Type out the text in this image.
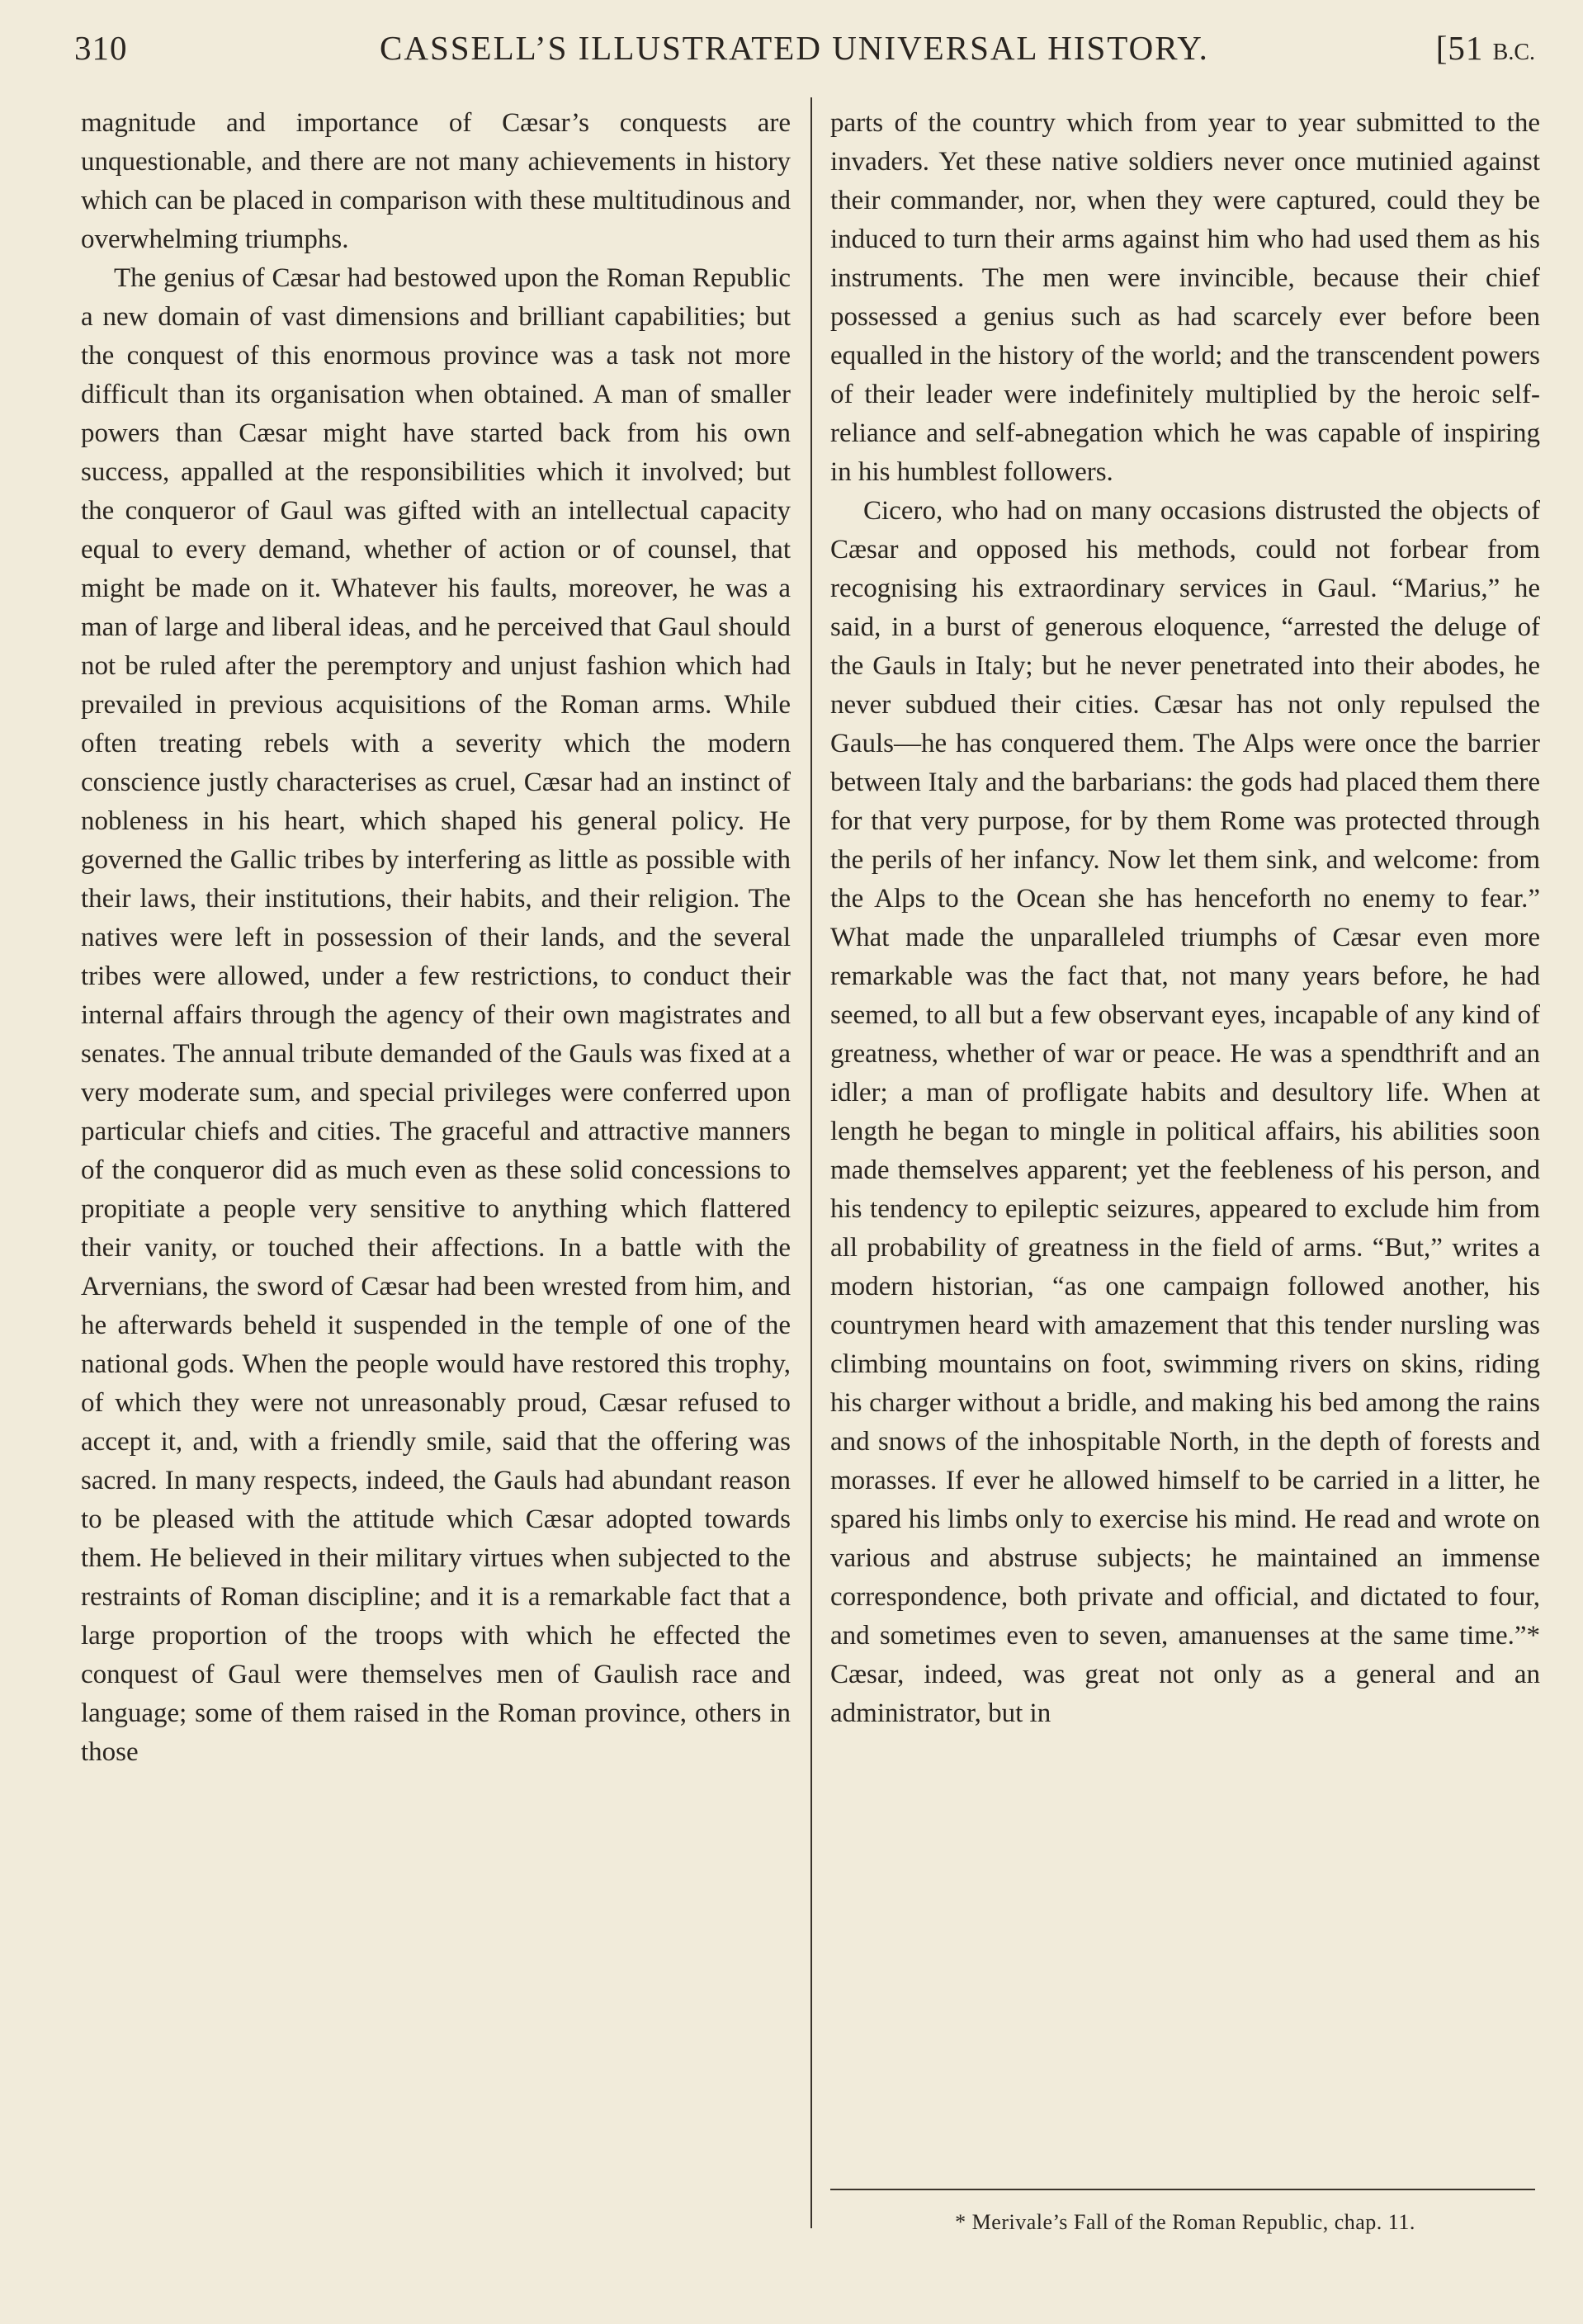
310	CASSELL’S ILLUSTRATED UNIVERSAL HISTORY.	[51 B.C.

magnitude and importance of Cæsar’s conquests are unquestionable, and there are not many achievements in history which can be placed in comparison with these multitudinous and overwhelming triumphs.

The genius of Cæsar had bestowed upon the Roman Republic a new domain of vast dimensions and brilliant capabilities; but the conquest of this enormous province was a task not more difficult than its organisation when obtained. A man of smaller powers than Cæsar might have started back from his own success, appalled at the responsibilities which it involved; but the conqueror of Gaul was gifted with an intellectual capacity equal to every demand, whether of action or of counsel, that might be made on it. Whatever his faults, moreover, he was a man of large and liberal ideas, and he perceived that Gaul should not be ruled after the peremptory and unjust fashion which had prevailed in previous acquisitions of the Roman arms. While often treating rebels with a severity which the modern conscience justly characterises as cruel, Cæsar had an instinct of nobleness in his heart, which shaped his general policy. He governed the Gallic tribes by interfering as little as possible with their laws, their institutions, their habits, and their religion. The natives were left in possession of their lands, and the several tribes were allowed, under a few restrictions, to conduct their internal affairs through the agency of their own magistrates and senates. The annual tribute demanded of the Gauls was fixed at a very moderate sum, and special privileges were conferred upon particular chiefs and cities. The graceful and attractive manners of the conqueror did as much even as these solid concessions to propitiate a people very sensitive to anything which flattered their vanity, or touched their affections. In a battle with the Arvernians, the sword of Cæsar had been wrested from him, and he afterwards beheld it suspended in the temple of one of the national gods. When the people would have restored this trophy, of which they were not unreasonably proud, Cæsar refused to accept it, and, with a friendly smile, said that the offering was sacred. In many respects, indeed, the Gauls had abundant reason to be pleased with the attitude which Cæsar adopted towards them. He believed in their military virtues when subjected to the restraints of Roman discipline; and it is a remarkable fact that a large proportion of the troops with which he effected the conquest of Gaul were themselves men of Gaulish race and language; some of them raised in the Roman province, others in those

parts of the country which from year to year submitted to the invaders. Yet these native soldiers never once mutinied against their commander, nor, when they were captured, could they be induced to turn their arms against him who had used them as his instruments. The men were invincible, because their chief possessed a genius such as had scarcely ever before been equalled in the history of the world; and the transcendent powers of their leader were indefinitely multiplied by the heroic self-reliance and self-abnegation which he was capable of inspiring in his humblest followers.

Cicero, who had on many occasions distrusted the objects of Cæsar and opposed his methods, could not forbear from recognising his extraordinary services in Gaul. “Marius,” he said, in a burst of generous eloquence, “arrested the deluge of the Gauls in Italy; but he never penetrated into their abodes, he never subdued their cities. Cæsar has not only repulsed the Gauls—he has conquered them. The Alps were once the barrier between Italy and the barbarians: the gods had placed them there for that very purpose, for by them Rome was protected through the perils of her infancy. Now let them sink, and welcome: from the Alps to the Ocean she has henceforth no enemy to fear.” What made the unparalleled triumphs of Cæsar even more remarkable was the fact that, not many years before, he had seemed, to all but a few observant eyes, incapable of any kind of greatness, whether of war or peace. He was a spendthrift and an idler; a man of profligate habits and desultory life. When at length he began to mingle in political affairs, his abilities soon made themselves apparent; yet the feebleness of his person, and his tendency to epileptic seizures, appeared to exclude him from all probability of greatness in the field of arms. “But,” writes a modern historian, “as one campaign followed another, his countrymen heard with amazement that this tender nursling was climbing mountains on foot, swimming rivers on skins, riding his charger without a bridle, and making his bed among the rains and snows of the inhospitable North, in the depth of forests and morasses. If ever he allowed himself to be carried in a litter, he spared his limbs only to exercise his mind. He read and wrote on various and abstruse subjects; he maintained an immense correspondence, both private and official, and dictated to four, and sometimes even to seven, amanuenses at the same time.”* Cæsar, indeed, was great not only as a general and an administrator, but in

* Merivale’s Fall of the Roman Republic, chap. 11.
